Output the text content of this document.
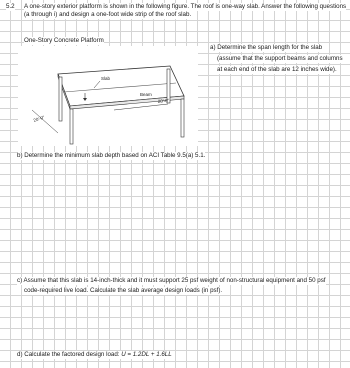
5.2 A one-story exterior platform is shown in the following figure. The roof is one-way slab. Answer the following questions
(a through i) and design a one-foot wide strip of the roof slab.
Slab
Beam
20'-0"
20'-0"
One-Story Concrete Platform
a) Determine the span length for the slab
(assume that the support beams and columns
at each end of the slab are 12 inches wide).
b) Determine the minimum slab depth based on ACI Table 9.5(a) 5.1.
c) Assume that this slab is 14-inch-thick and it must support 25 psf weight of non-structural equipment and 50 psf
code-required live load. Calculate the slab average design loads (in psf).
d) Calculate the factored design load: U = 1.2DL + 1.6LL
